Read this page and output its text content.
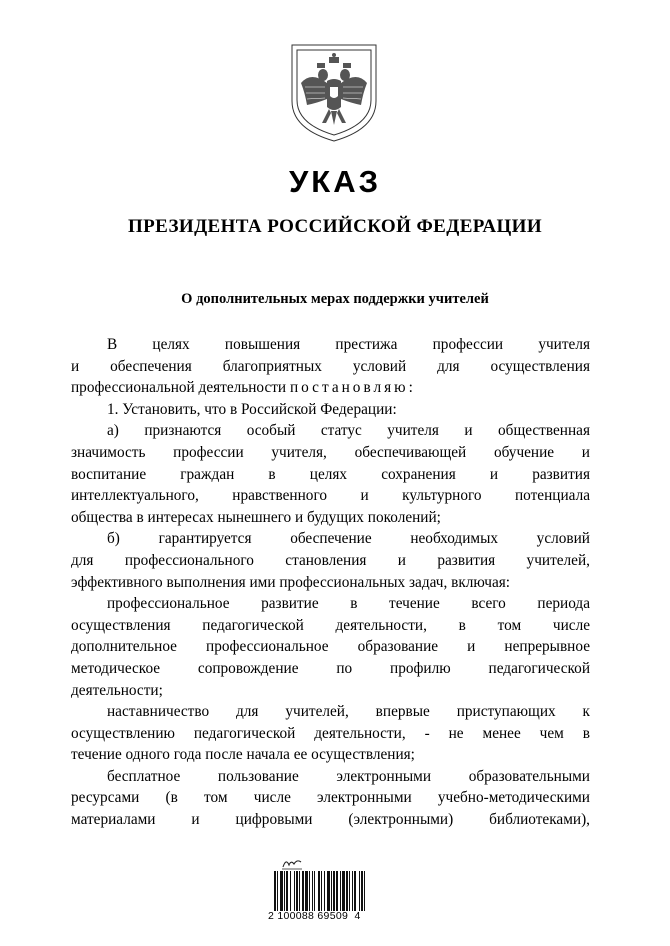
УКАЗ
ПРЕЗИДЕНТА РОССИЙСКОЙ ФЕДЕРАЦИИ
О дополнительных мерах поддержки учителей

В целях повышения престижа профессии учителя

и обеспечения благоприятных условий для осуществления

профессиональной деятельности постановляю:

1. Установить, что в Российской Федерации:

а) признаются особый статус учителя и общественная

значимость профессии учителя, обеспечивающей обучение и

воспитание граждан в целях сохранения и развития

интеллектуального, нравственного и культурного потенциала

общества в интересах нынешнего и будущих поколений;

б) гарантируется обеспечение необходимых условий

для профессионального становления и развития учителей,

эффективного выполнения ими профессиональных задач, включая:

профессиональное развитие в течение всего периода

осуществления педагогической деятельности, в том числе

дополнительное профессиональное образование и непрерывное

методическое сопровождение по профилю педагогической

деятельности;

наставничество для учителей, впервые приступающих к

осуществлению педагогической деятельности, - не менее чем в

течение одного года после начала ее осуществления;

бесплатное пользование электронными образовательными

ресурсами (в том числе электронными учебно-методическими

материалами и цифровыми (электронными) библиотеками),

2 100088 69509  4
